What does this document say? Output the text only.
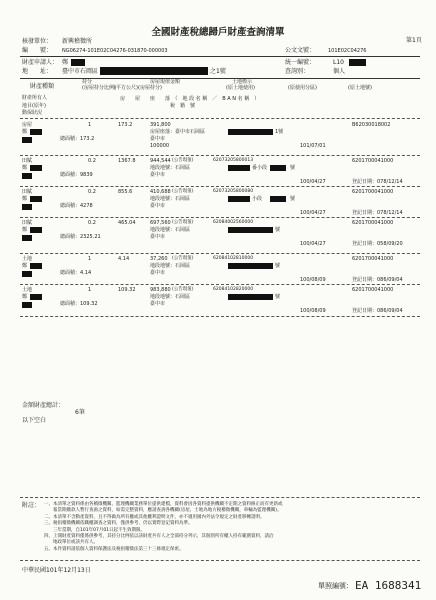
全國財產稅總歸戶財產查詢清單
第1頁
核發單位： 新興稽徵所
編　　號： NG06274-101E02C04276-031870-000003	公文文號：	101E02C04276
財產申請人： 鄭	統一編號：	L10
地　　址： 臺中市石岡區	之1號	查詢別：	個人
財產種類
持分
(房屋持分比例)
(平方公尺) (房屋持分)
房屋現值金額	土地標示
(原土地使用)	(原使用分區)	(原土地號)
財產所有人
地目(原年)
動保狀況
房　　屋　　座　　落　（　地 段 名 稱　／　B A N 名 稱　）
稅　籍　號
房屋	1	173.2	391,800	B62030018002
鄭	房屋座落：臺中市石岡區	1號
總面積：173.2	臺中市
100000	101/07/01
田賦	0.2	1367.8	944,544	6201700041000
(公告現值)	62073205800013
鄭	地段地號：石岡區	番小段	號
總面積：9839	臺中市
100/04/27	登記日期：078/12/14
田賦	0.2	855.6	410,688	6201700041000
(公告現值)	62073205800080
鄭	地段地號：石岡區	小段	號
總面積：4278	臺中市
100/04/27	登記日期：078/12/14
田賦	0.2	465.04	697,560	6201700041000
(公告現值)	62084002560000
鄭	地段地號：石岡區	號
總面積：2325.21	臺中市
100/04/27	登記日期：058/09/20
土地	1	4.14	37,260	6201700041000
(公告現值)	62084102810000
鄭	地段地號：石岡區	號
總面積：4.14	臺中市
100/08/09	登記日期：086/09/04
土地	1	109.32	983,880	6201700041000
(公告現值)	62084102820000
鄭	地段地號：石岡區	號
總面積：109.32	臺中市
100/08/09	登記日期：086/09/04
金額財產總計：
6筆
以下空白
附註： 一、本清單之資料係由各稽徵機關、監理機關業務單位提供建檔，資料會因各資料提供機關不定期之資料修正而有更新或
　　報當期繳款人暫行查詢之資料，如需完整資料，應請查詢各機關(房屋、土地為地方稅稽徵機關，車輛為監理機關)。
二、本清單不含動產資料，且不得做為所有權或其他權利證明文件，亦不適用國內外法令規定之財產移轉證明。
三、稅捐稽徵機關依職權調查之資料，僅供參考，仍以實際登記資料為準。
　　三年當期，自101年07月01日起不生效期限。
四、上開財產資料僅係供參考，其持分比例依以該財產共有人之全部持分列示，其個別所有權人持有範圍資料，請洽
　　地政單位或該共有人。
五、本件資料請依個人資料保護法及稅捐稽徵法第三十三條規定保密。
中華民國101年12月13日
單照編號： EA 1688341
